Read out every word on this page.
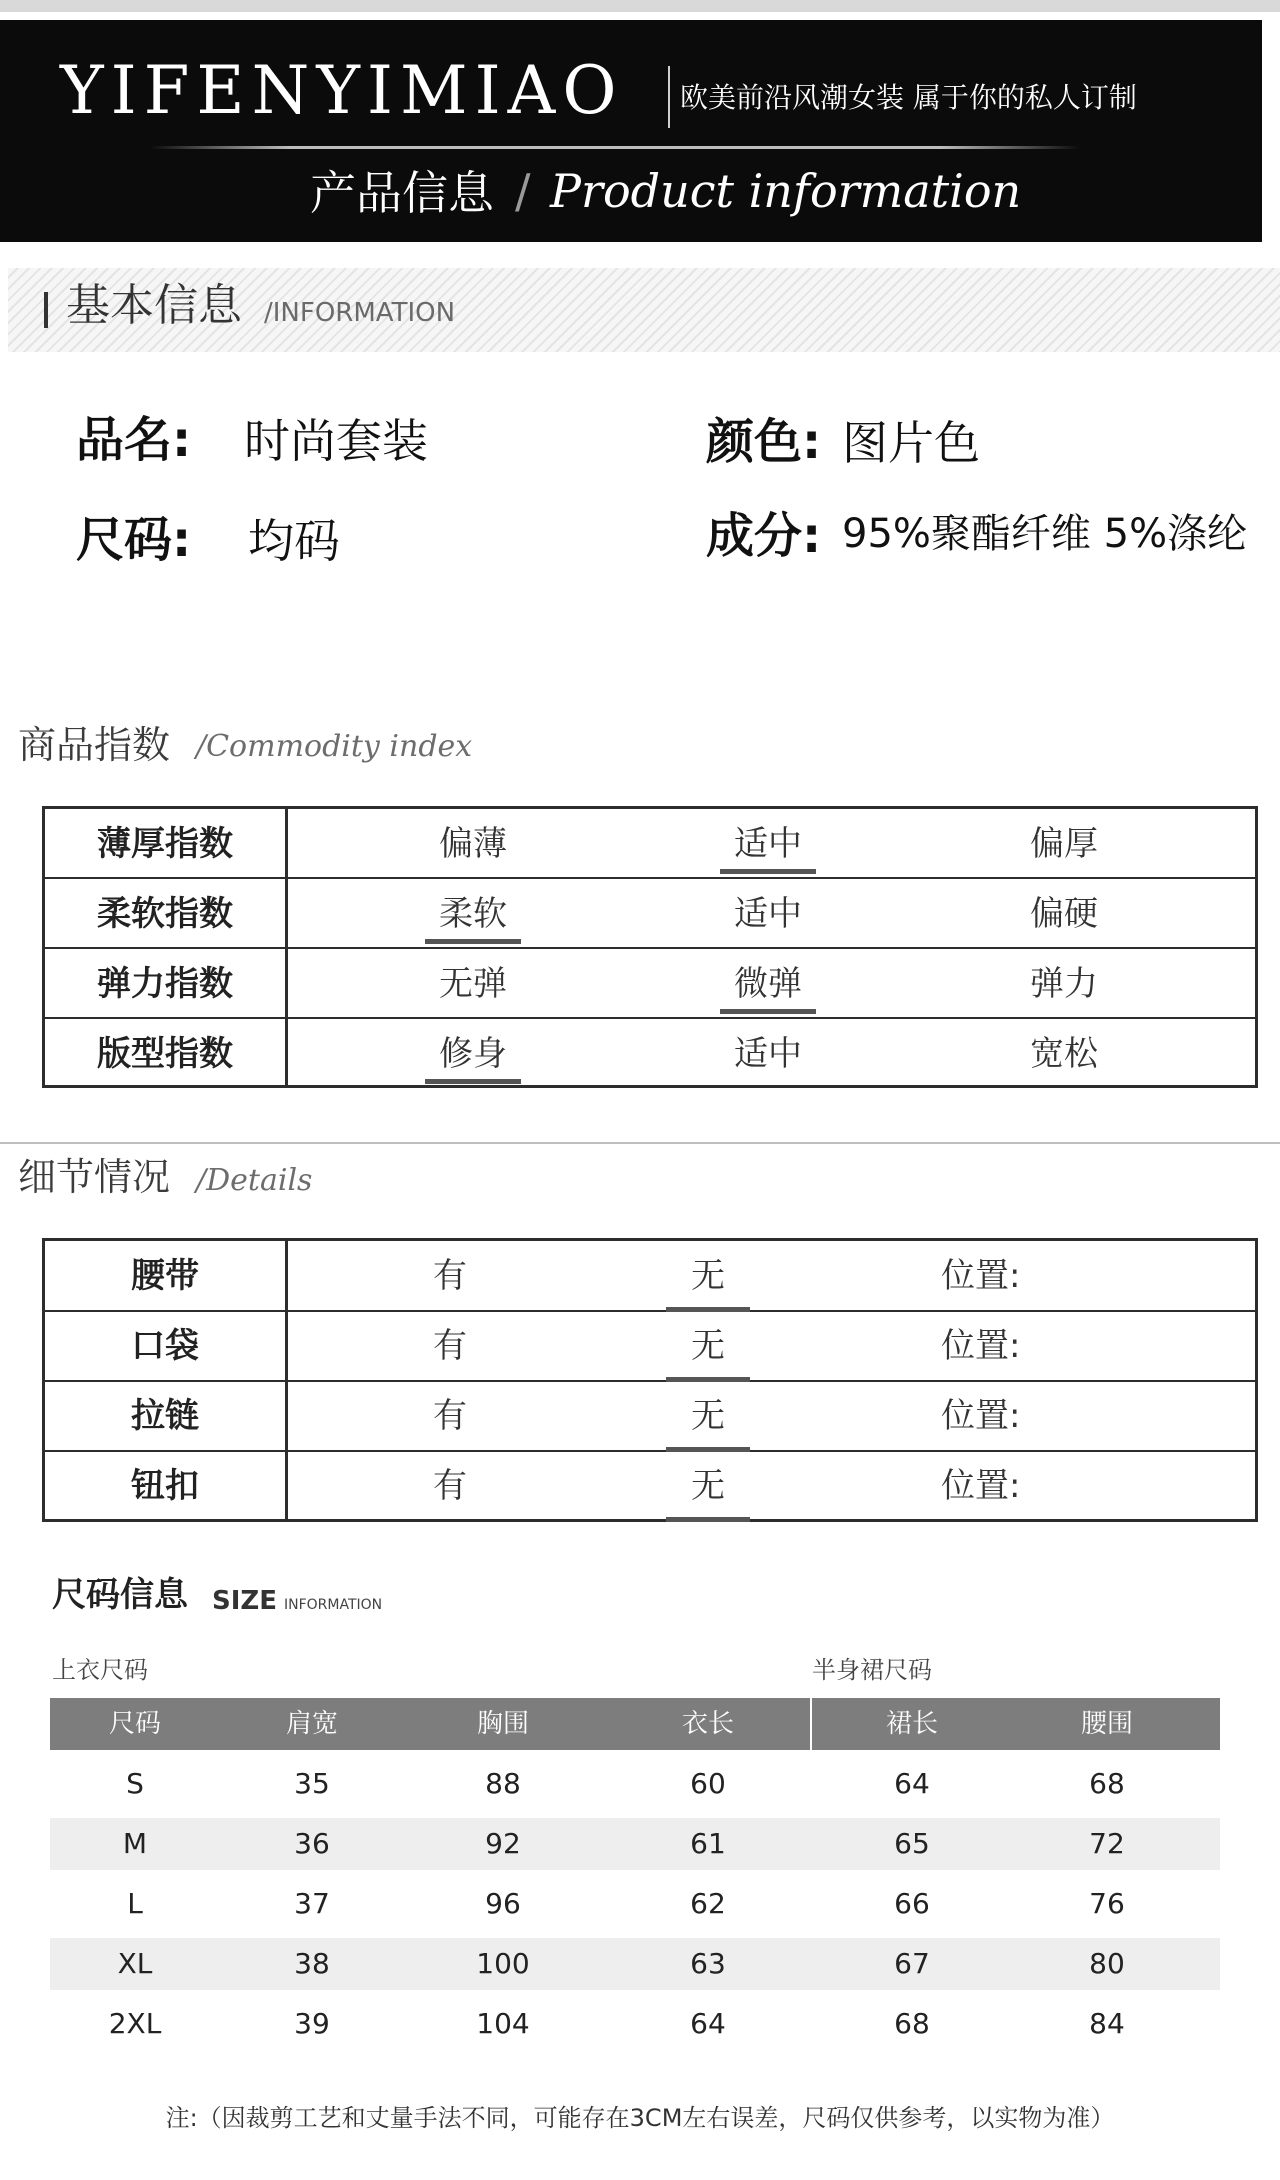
YIFENYIMIAO 欧美前沿风潮女装 属于你的私人订制
产品信息 / Product information
基本信息 /INFORMATION
品名: 时尚套装	颜色: 图片色
尺码: 均码	成分: 95%聚酯纤维 5%涤纶
商品指数 /Commodity index
薄厚指数	偏薄	适中	偏厚
柔软指数	柔软	适中	偏硬
弹力指数	无弹	微弹	弹力
版型指数	修身	适中	宽松
细节情况 /Details
腰带	有	无	位置:
口袋	有	无	位置:
拉链	有	无	位置:
钮扣	有	无	位置:
尺码信息 SIZE INFORMATION
上衣尺码	半身裙尺码
尺码	肩宽	胸围	衣长	裙长	腰围
S	35	88	60	64	68
M	36	92	61	65	72
L	37	96	62	66	76
XL	38	100	63	67	80
2XL	39	104	64	68	84
注:（因裁剪工艺和丈量手法不同，可能存在3CM左右误差，尺码仅供参考，以实物为准）
